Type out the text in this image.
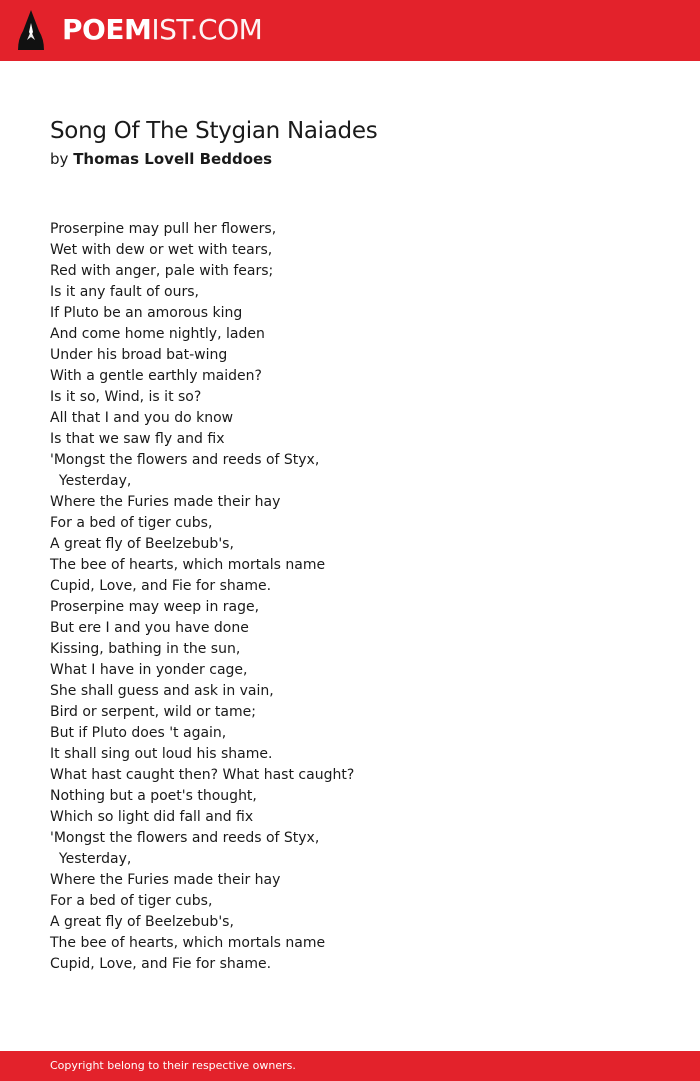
POEMIST.COM
Song Of The Stygian Naiades
by Thomas Lovell Beddoes
Proserpine may pull her flowers,
Wet with dew or wet with tears,
Red with anger, pale with fears;
Is it any fault of ours,
If Pluto be an amorous king
And come home nightly, laden
Under his broad bat-wing
With a gentle earthly maiden?
Is it so, Wind, is it so?
All that I and you do know
Is that we saw fly and fix
'Mongst the flowers and reeds of Styx,
Yesterday,
Where the Furies made their hay
For a bed of tiger cubs,
A great fly of Beelzebub's,
The bee of hearts, which mortals name
Cupid, Love, and Fie for shame.
Proserpine may weep in rage,
But ere I and you have done
Kissing, bathing in the sun,
What I have in yonder cage,
She shall guess and ask in vain,
Bird or serpent, wild or tame;
But if Pluto does 't again,
It shall sing out loud his shame.
What hast caught then? What hast caught?
Nothing but a poet's thought,
Which so light did fall and fix
'Mongst the flowers and reeds of Styx,
Yesterday,
Where the Furies made their hay
For a bed of tiger cubs,
A great fly of Beelzebub's,
The bee of hearts, which mortals name
Cupid, Love, and Fie for shame.
Copyright belong to their respective owners.
